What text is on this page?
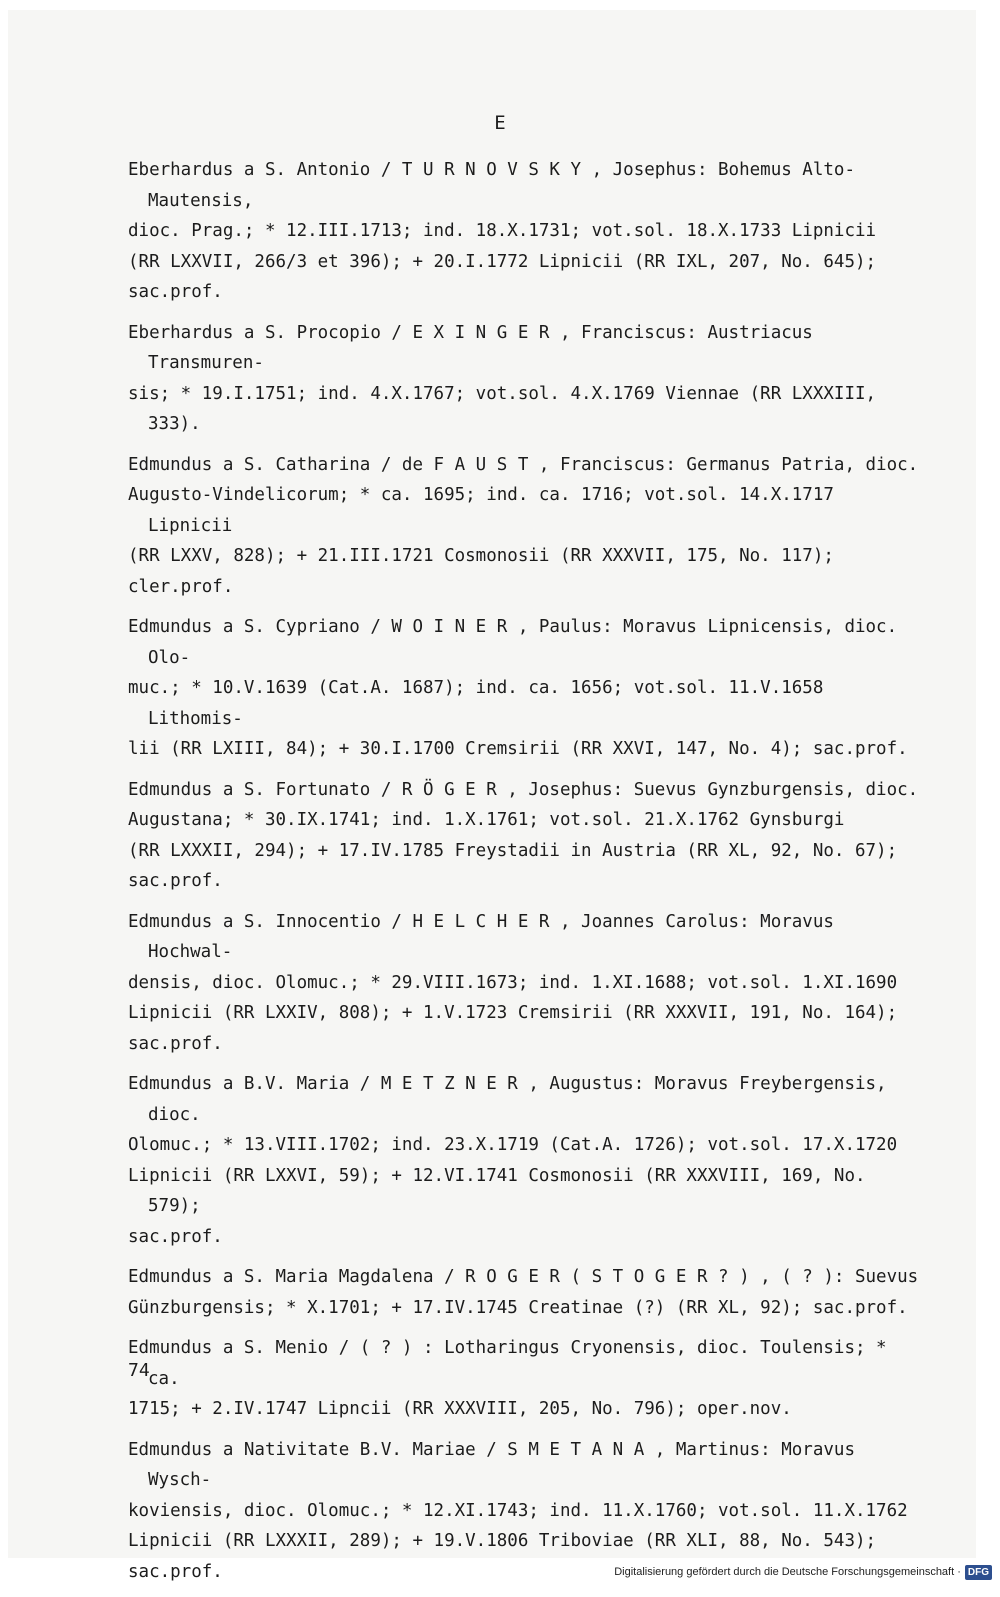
E
Eberhardus a S. Antonio / T U R N O V S K Y , Josephus: Bohemus Alto-Mautensis,
dioc. Prag.; * 12.III.1713; ind. 18.X.1731; vot.sol. 18.X.1733 Lipnicii
(RR LXXVII, 266/3 et 396); + 20.I.1772 Lipnicii (RR IXL, 207, No. 645);
sac.prof.
Eberhardus a S. Procopio / E X I N G E R , Franciscus: Austriacus Transmuren-
sis; * 19.I.1751; ind. 4.X.1767; vot.sol. 4.X.1769 Viennae (RR LXXXIII, 333).
Edmundus a S. Catharina / de F A U S T , Franciscus: Germanus Patria, dioc.
Augusto-Vindelicorum; * ca. 1695; ind. ca. 1716; vot.sol. 14.X.1717 Lipnicii
(RR LXXV, 828); + 21.III.1721 Cosmonosii (RR XXXVII, 175, No. 117);
cler.prof.
Edmundus a S. Cypriano / W O I N E R , Paulus: Moravus Lipnicensis, dioc. Olo-
muc.; * 10.V.1639 (Cat.A. 1687); ind. ca. 1656; vot.sol. 11.V.1658 Lithomis-
lii (RR LXIII, 84); + 30.I.1700 Cremsirii (RR XXVI, 147, No. 4); sac.prof.
Edmundus a S. Fortunato / R Ö G E R , Josephus: Suevus Gynzburgensis, dioc.
Augustana; * 30.IX.1741; ind. 1.X.1761; vot.sol. 21.X.1762 Gynsburgi
(RR LXXXII, 294); + 17.IV.1785 Freystadii in Austria (RR XL, 92, No. 67);
sac.prof.
Edmundus a S. Innocentio / H E L C H E R , Joannes Carolus: Moravus Hochwal-
densis, dioc. Olomuc.; * 29.VIII.1673; ind. 1.XI.1688; vot.sol. 1.XI.1690
Lipnicii (RR LXXIV, 808); + 1.V.1723 Cremsirii (RR XXXVII, 191, No. 164);
sac.prof.
Edmundus a B.V. Maria / M E T Z N E R , Augustus: Moravus Freybergensis, dioc.
Olomuc.; * 13.VIII.1702; ind. 23.X.1719 (Cat.A. 1726); vot.sol. 17.X.1720
Lipnicii (RR LXXVI, 59); + 12.VI.1741 Cosmonosii (RR XXXVIII, 169, No. 579);
sac.prof.
Edmundus a S. Maria Magdalena / R O G E R ( S T O G E R ? ) , ( ? ): Suevus
Günzburgensis; * X.1701; + 17.IV.1745 Creatinae (?) (RR XL, 92); sac.prof.
Edmundus a S. Menio / ( ? ) : Lotharingus Cryonensis, dioc. Toulensis; * ca.
1715; + 2.IV.1747 Lipncii (RR XXXVIII, 205, No. 796); oper.nov.
Edmundus a Nativitate B.V. Mariae / S M E T A N A , Martinus: Moravus Wysch-
koviensis, dioc. Olomuc.; * 12.XI.1743; ind. 11.X.1760; vot.sol. 11.X.1762
Lipnicii (RR LXXXII, 289); + 19.V.1806 Triboviae (RR XLI, 88, No. 543);
sac.prof.
74
Digitalisierung gefördert durch die Deutsche Forschungsgemeinschaft · DFG
